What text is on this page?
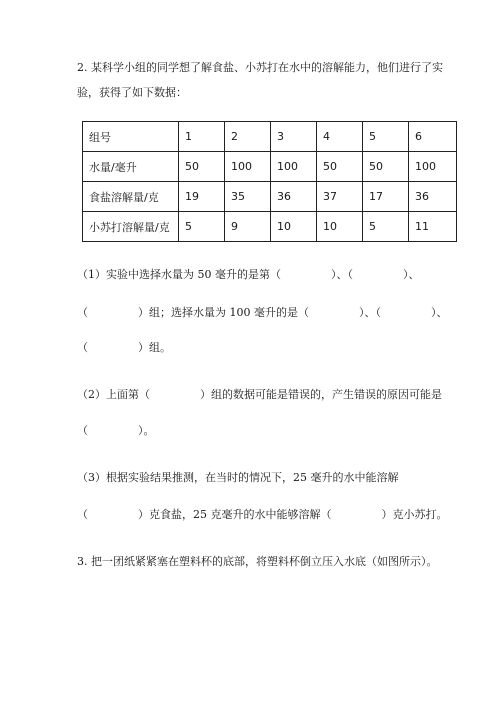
2. 某科学小组的同学想了解食盐、小苏打在水中的溶解能力，他们进行了实
验，获得了如下数据：
组号	1	2	3	4	5	6
水量/毫升	50	100	100	50	50	100
食盐溶解量/克	19	35	36	37	17	36
小苏打溶解量/克	5	9	10	10	5	11
（1）实验中选择水量为 50 毫升的是第（	）、（	）、
（	）组；选择水量为 100 毫升的是（	）、（	）、
（	）组。
（2）上面第（	）组的数据可能是错误的，产生错误的原因可能是
（	）。
（3）根据实验结果推测，在当时的情况下，25 毫升的水中能溶解
（	）克食盐，25 克毫升的水中能够溶解（	）克小苏打。
3. 把一团纸紧紧塞在塑料杯的底部，将塑料杯倒立压入水底（如图所示）。
